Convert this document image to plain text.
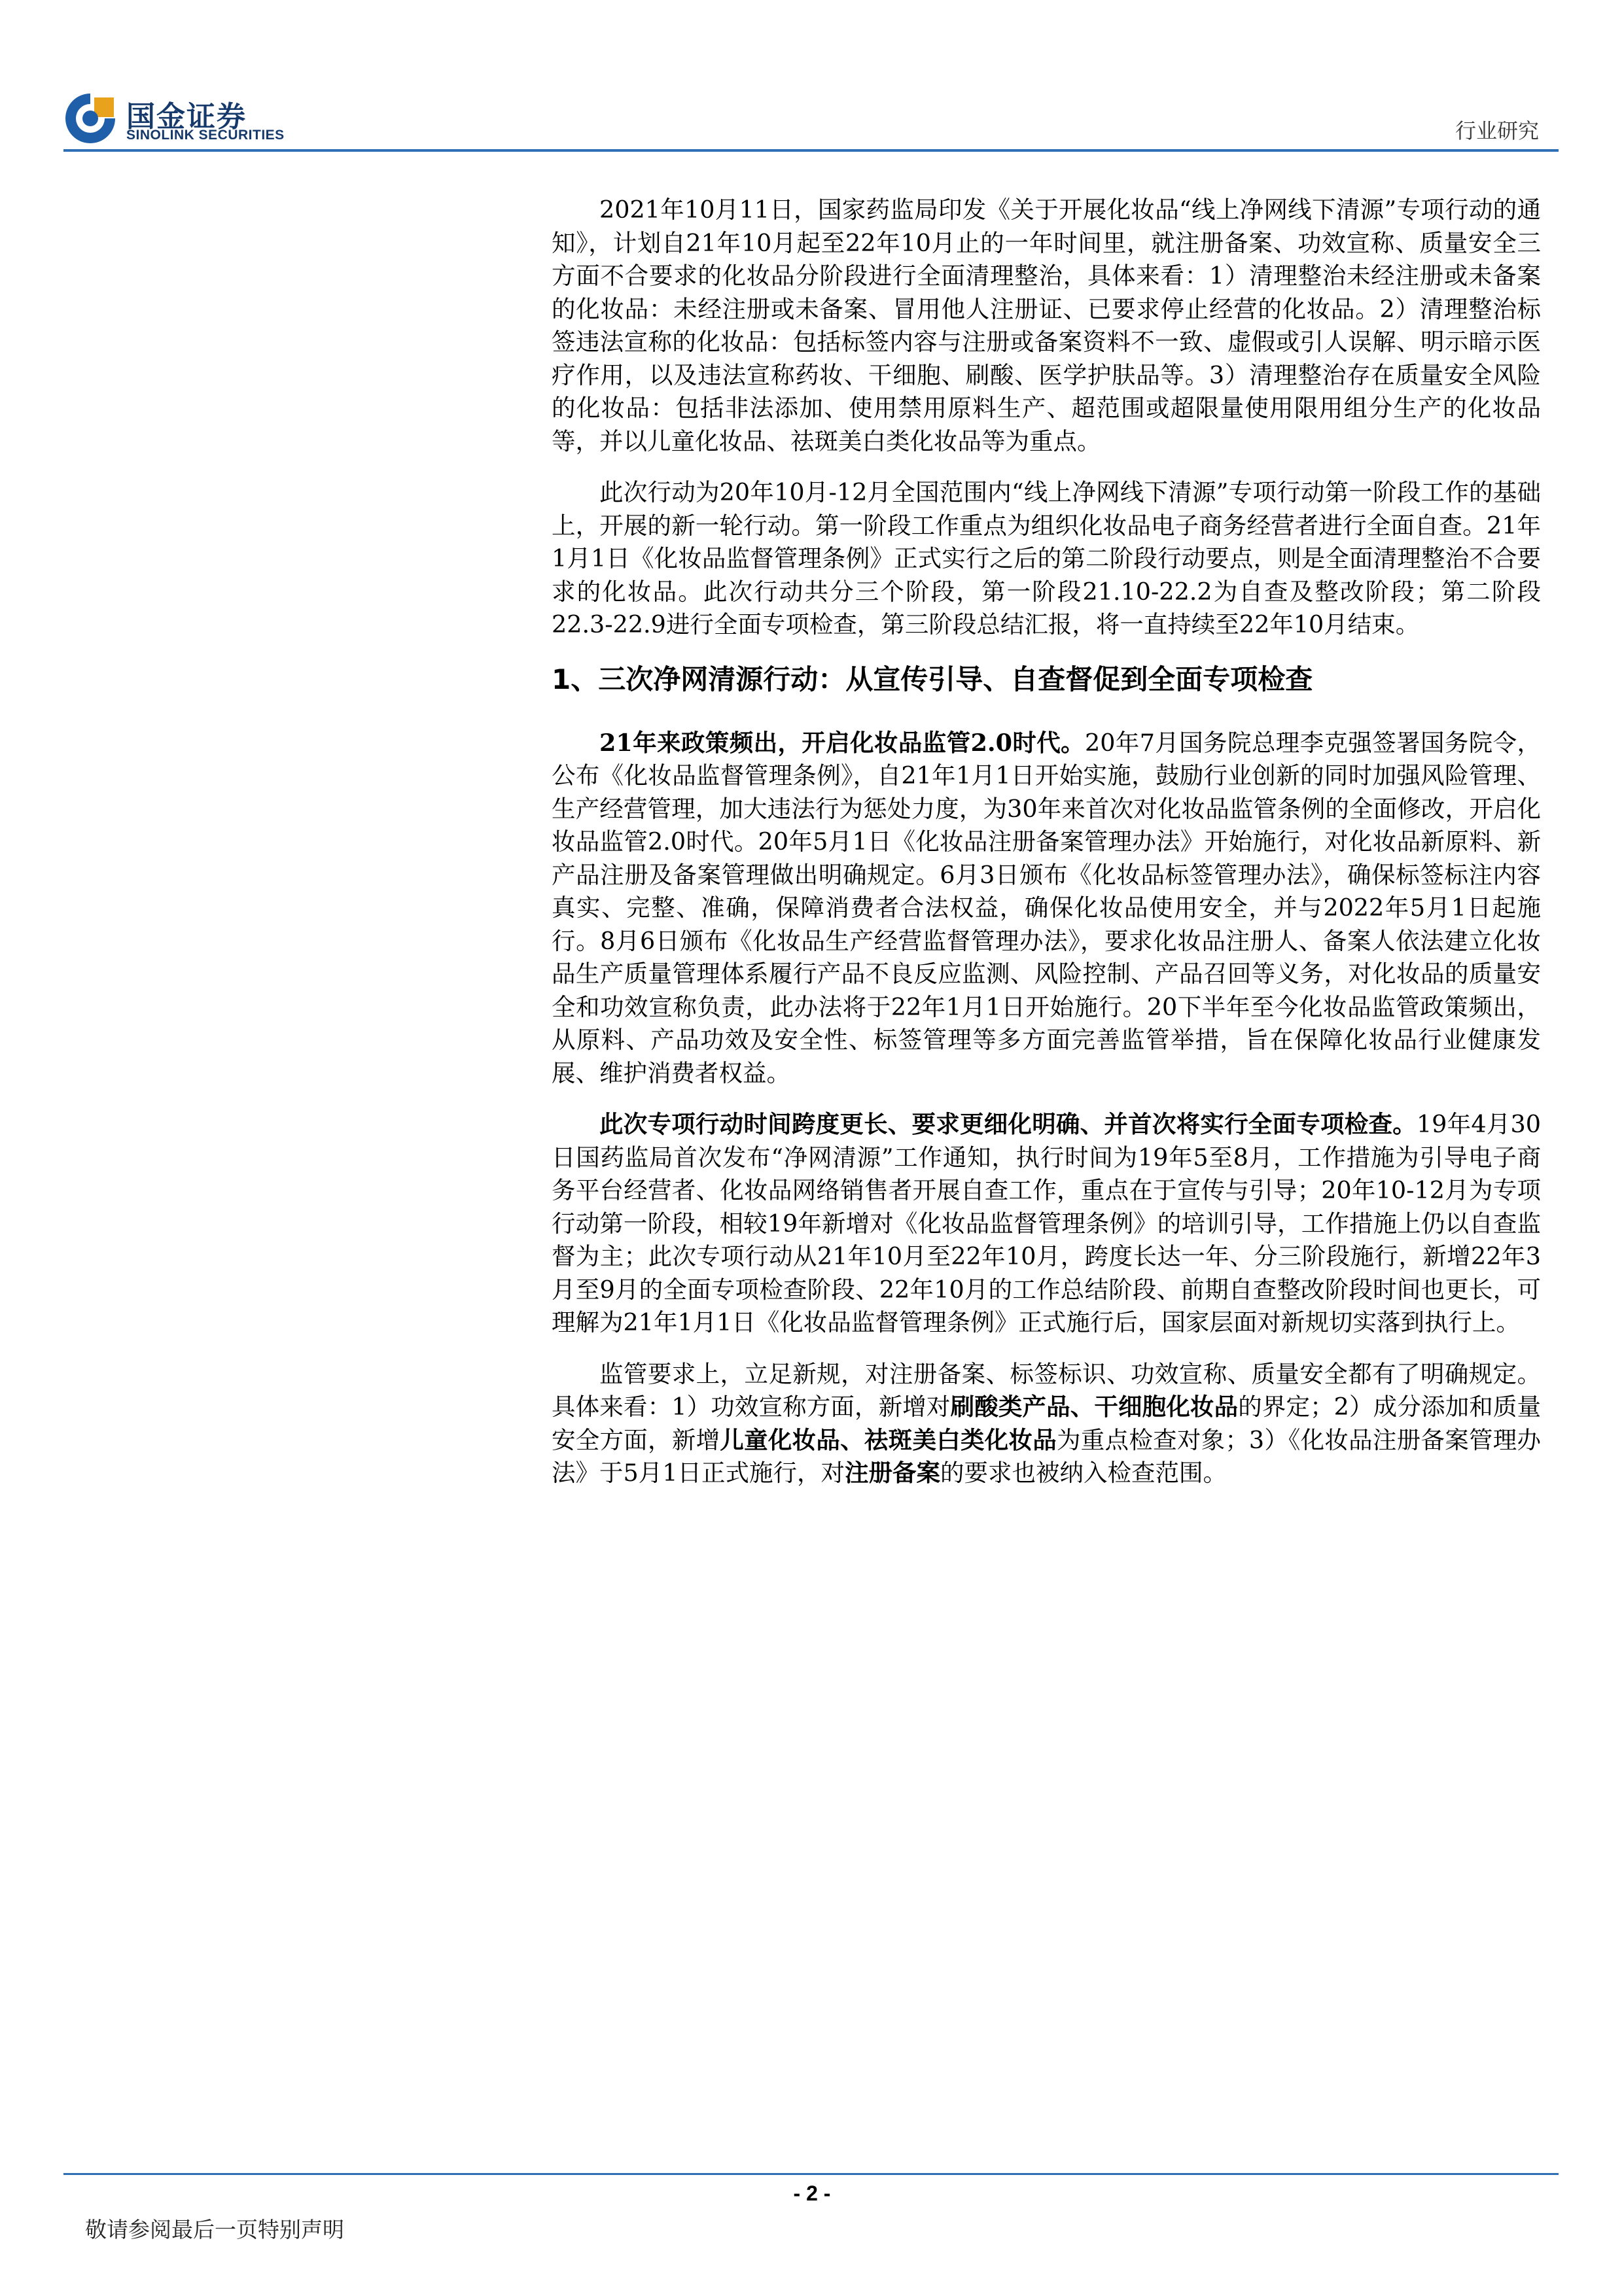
国金证券
SINOLINK SECURITIES	行业研究

2021年10月11日，国家药监局印发《关于开展化妆品“线上净网线下清源”专项行动的通知》，计划自21年10月起至22年10月止的一年时间里，就注册备案、功效宣称、质量安全三方面不合要求的化妆品分阶段进行全面清理整治，具体来看：1）清理整治未经注册或未备案的化妆品：未经注册或未备案、冒用他人注册证、已要求停止经营的化妆品。2）清理整治标签违法宣称的化妆品：包括标签内容与注册或备案资料不一致、虚假或引人误解、明示暗示医疗作用，以及违法宣称药妆、干细胞、刷酸、医学护肤品等。3）清理整治存在质量安全风险的化妆品：包括非法添加、使用禁用原料生产、超范围或超限量使用限用组分生产的化妆品等，并以儿童化妆品、祛斑美白类化妆品等为重点。

此次行动为20年10月-12月全国范围内“线上净网线下清源”专项行动第一阶段工作的基础上，开展的新一轮行动。第一阶段工作重点为组织化妆品电子商务经营者进行全面自查。21年1月1日《化妆品监督管理条例》正式实行之后的第二阶段行动要点，则是全面清理整治不合要求的化妆品。此次行动共分三个阶段，第一阶段21.10-22.2为自查及整改阶段；第二阶段22.3-22.9进行全面专项检查，第三阶段总结汇报，将一直持续至22年10月结束。

1、三次净网清源行动：从宣传引导、自查督促到全面专项检查

21年来政策频出，开启化妆品监管2.0时代。20年7月国务院总理李克强签署国务院令，公布《化妆品监督管理条例》，自21年1月1日开始实施，鼓励行业创新的同时加强风险管理、生产经营管理，加大违法行为惩处力度，为30年来首次对化妆品监管条例的全面修改，开启化妆品监管2.0时代。20年5月1日《化妆品注册备案管理办法》开始施行，对化妆品新原料、新产品注册及备案管理做出明确规定。6月3日颁布《化妆品标签管理办法》，确保标签标注内容真实、完整、准确，保障消费者合法权益，确保化妆品使用安全，并与2022年5月1日起施行。8月6日颁布《化妆品生产经营监督管理办法》，要求化妆品注册人、备案人依法建立化妆品生产质量管理体系履行产品不良反应监测、风险控制、产品召回等义务，对化妆品的质量安全和功效宣称负责，此办法将于22年1月1日开始施行。20下半年至今化妆品监管政策频出，从原料、产品功效及安全性、标签管理等多方面完善监管举措，旨在保障化妆品行业健康发展、维护消费者权益。

此次专项行动时间跨度更长、要求更细化明确、并首次将实行全面专项检查。19年4月30日国药监局首次发布“净网清源”工作通知，执行时间为19年5至8月，工作措施为引导电子商务平台经营者、化妆品网络销售者开展自查工作，重点在于宣传与引导；20年10-12月为专项行动第一阶段，相较19年新增对《化妆品监督管理条例》的培训引导，工作措施上仍以自查监督为主；此次专项行动从21年10月至22年10月，跨度长达一年、分三阶段施行，新增22年3月至9月的全面专项检查阶段、22年10月的工作总结阶段、前期自查整改阶段时间也更长，可理解为21年1月1日《化妆品监督管理条例》正式施行后，国家层面对新规切实落到执行上。

监管要求上，立足新规，对注册备案、标签标识、功效宣称、质量安全都有了明确规定。具体来看：1）功效宣称方面，新增对刷酸类产品、干细胞化妆品的界定；2）成分添加和质量安全方面，新增儿童化妆品、祛斑美白类化妆品为重点检查对象；3）《化妆品注册备案管理办法》于5月1日正式施行，对注册备案的要求也被纳入检查范围。

- 2 -
敬请参阅最后一页特别声明
